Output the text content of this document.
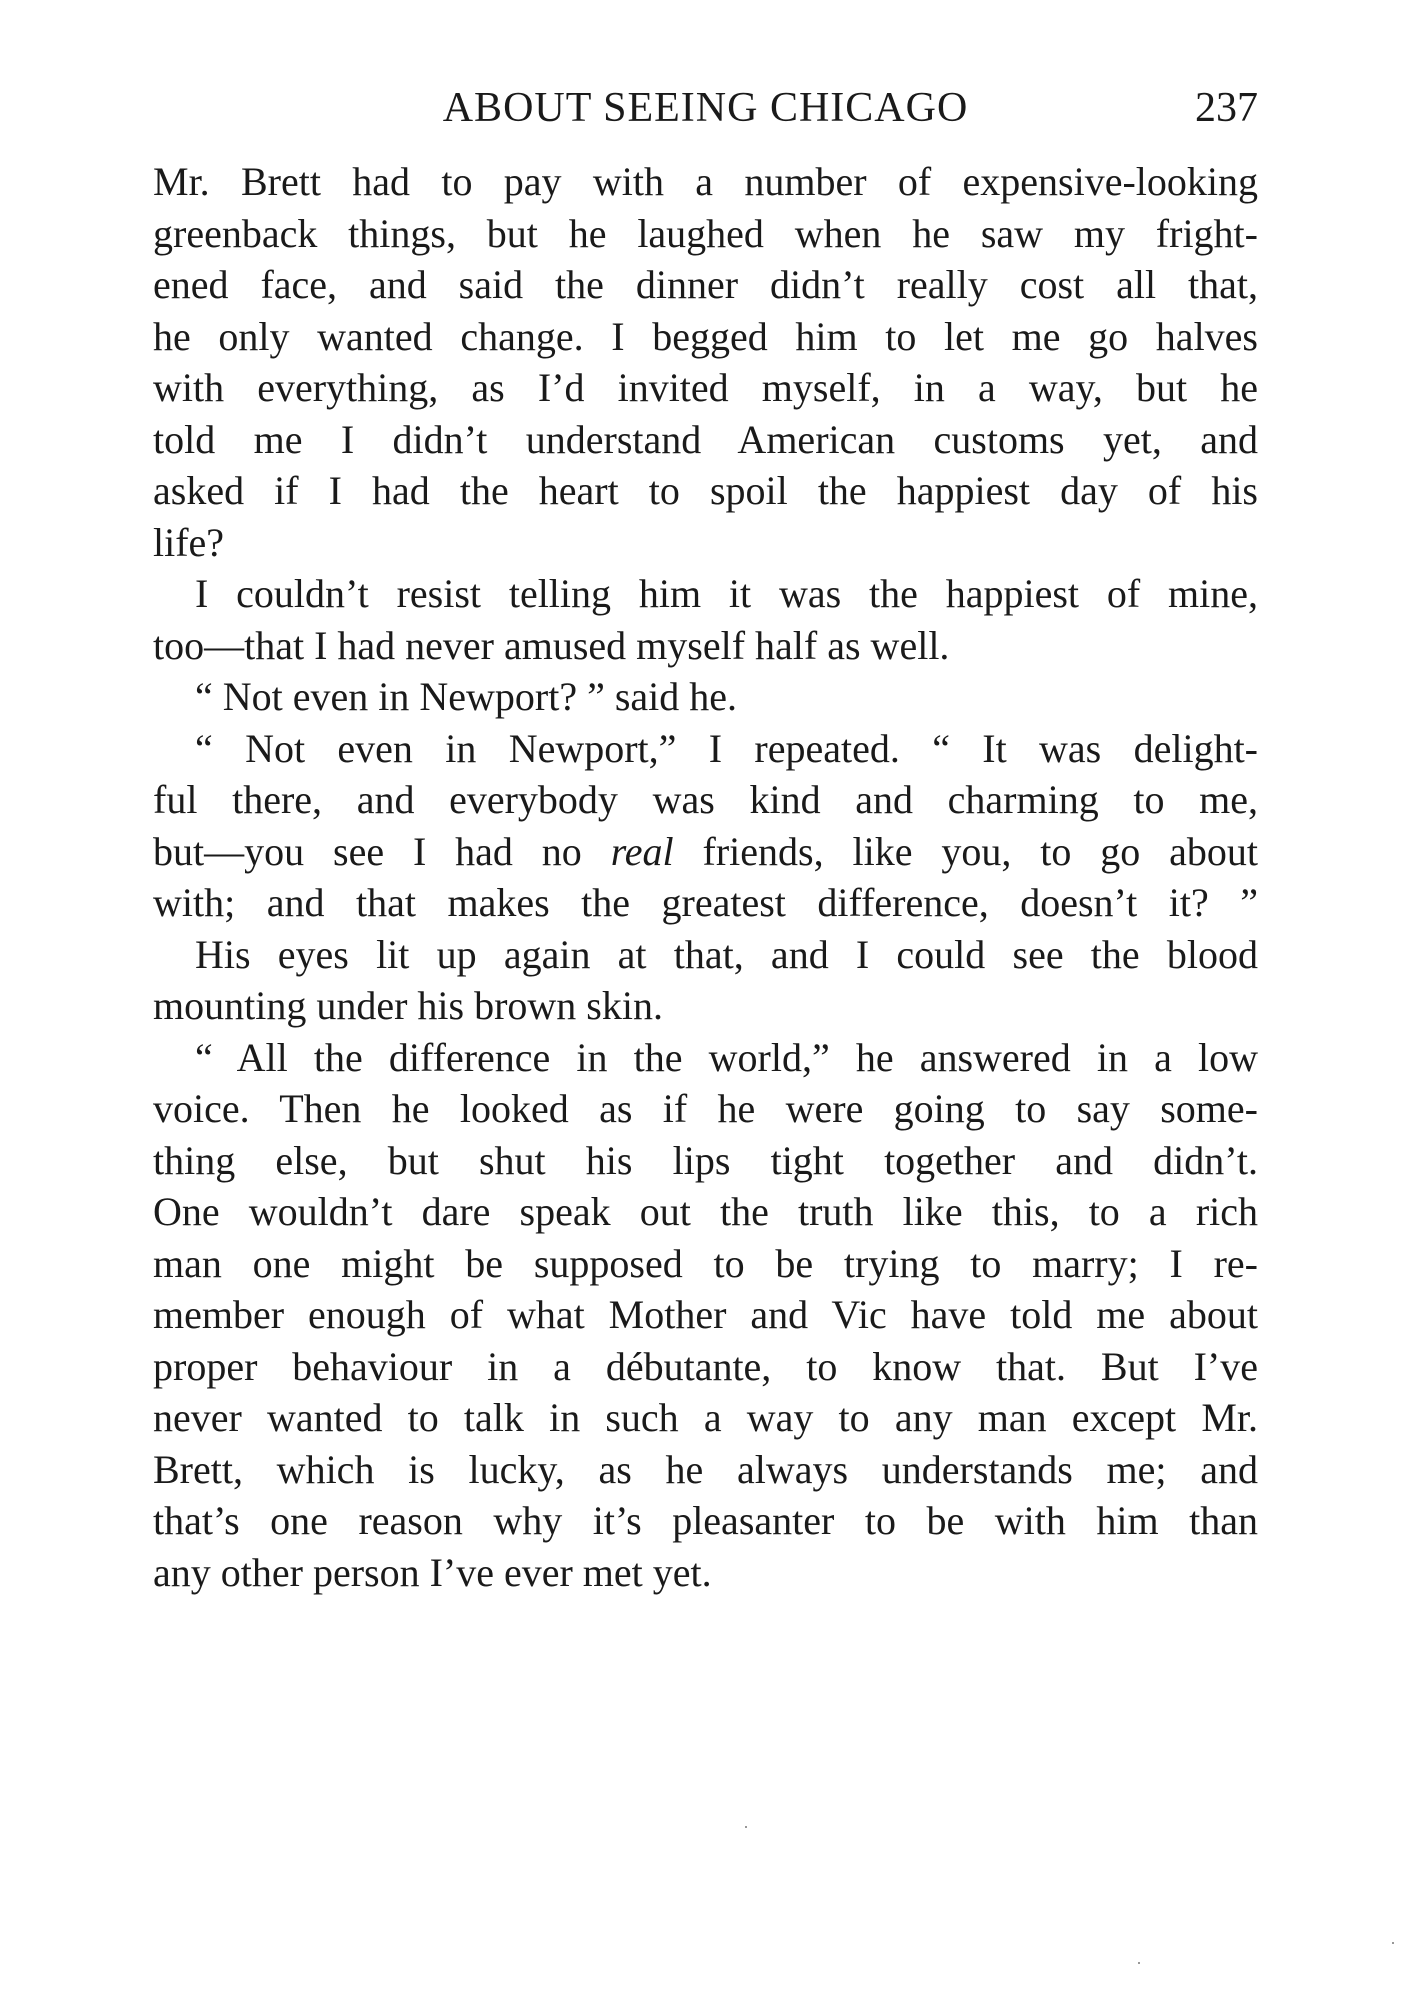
ABOUT SEEING CHICAGO	237
Mr. Brett had to pay with a number of expensive-looking
greenback things, but he laughed when he saw my fright-
ened face, and said the dinner didn’t really cost all that,
he only wanted change. I begged him to let me go halves
with everything, as I’d invited myself, in a way, but he
told me I didn’t understand American customs yet, and
asked if I had the heart to spoil the happiest day of his
life?
I couldn’t resist telling him it was the happiest of mine,
too—that I had never amused myself half as well.
“ Not even in Newport? ” said he.
“ Not even in Newport,” I repeated. “ It was delight-
ful there, and everybody was kind and charming to me,
but—you see I had no real friends, like you, to go about
with; and that makes the greatest difference, doesn’t it? ”
His eyes lit up again at that, and I could see the blood
mounting under his brown skin.
“ All the difference in the world,” he answered in a low
voice. Then he looked as if he were going to say some-
thing else, but shut his lips tight together and didn’t.
One wouldn’t dare speak out the truth like this, to a rich
man one might be supposed to be trying to marry; I re-
member enough of what Mother and Vic have told me about
proper behaviour in a débutante, to know that. But I’ve
never wanted to talk in such a way to any man except Mr.
Brett, which is lucky, as he always understands me; and
that’s one reason why it’s pleasanter to be with him than
any other person I’ve ever met yet.
